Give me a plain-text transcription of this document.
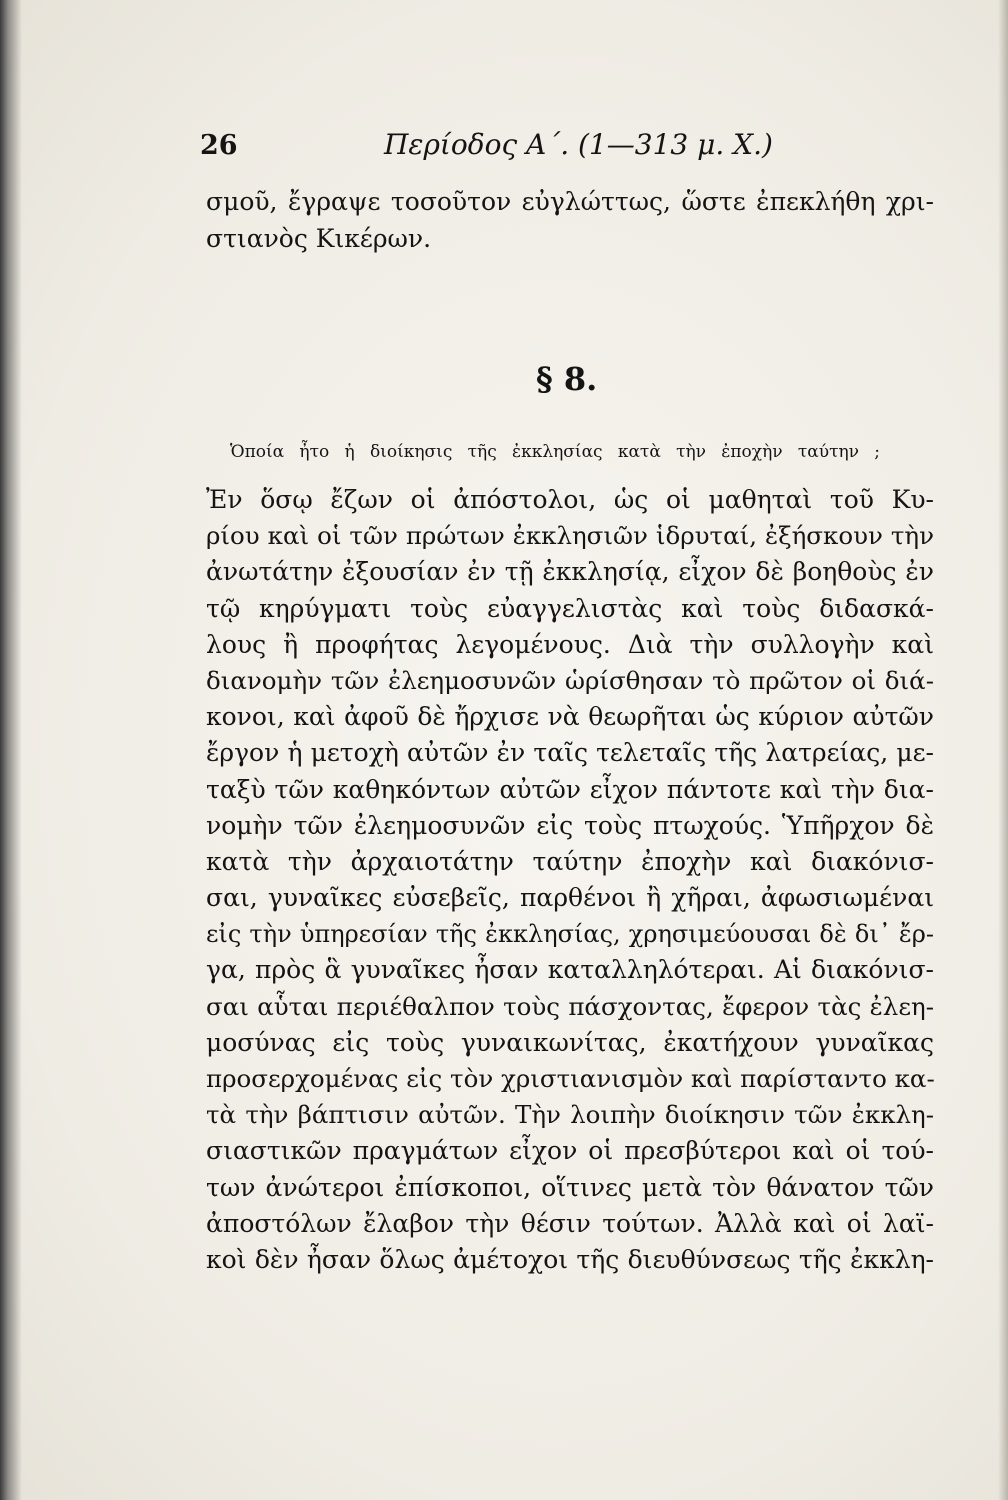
26	Περίοδος Α΄. (1—313 μ. Χ.)
σμοῦ, ἔγραψε τοσοῦτον εὐγλώττως, ὥστε ἐπεκλήθη χρι-
στιανὸς Κικέρων.
§ 8.
Ὁποία ἦτο ἡ διοίκησις τῆς ἐκκλησίας κατὰ τὴν ἐποχὴν ταύτην ;
Ἐν ὅσῳ ἔζων οἱ ἀπόστολοι, ὡς οἱ μαθηταὶ τοῦ Κυ-
ρίου καὶ οἱ τῶν πρώτων ἐκκλησιῶν ἱδρυταί, ἐξήσκουν τὴν
ἀνωτάτην ἐξουσίαν ἐν τῇ ἐκκλησίᾳ, εἶχον δὲ βοηθοὺς ἐν
τῷ κηρύγματι τοὺς εὐαγγελιστὰς καὶ τοὺς διδασκά-
λους ἢ προφήτας λεγομένους. Διὰ τὴν συλλογὴν καὶ
διανομὴν τῶν ἐλεημοσυνῶν ὡρίσθησαν τὸ πρῶτον οἱ διά-
κονοι, καὶ ἀφοῦ δὲ ἤρχισε νὰ θεωρῆται ὡς κύριον αὐτῶν
ἔργον ἡ μετοχὴ αὐτῶν ἐν ταῖς τελεταῖς τῆς λατρείας, με-
ταξὺ τῶν καθηκόντων αὐτῶν εἶχον πάντοτε καὶ τὴν δια-
νομὴν τῶν ἐλεημοσυνῶν εἰς τοὺς πτωχούς. Ὑπῆρχον δὲ
κατὰ τὴν ἀρχαιοτάτην ταύτην ἐποχὴν καὶ διακόνισ-
σαι, γυναῖκες εὐσεβεῖς, παρθένοι ἢ χῆραι, ἀφωσιωμέναι
εἰς τὴν ὑπηρεσίαν τῆς ἐκκλησίας, χρησιμεύουσαι δὲ δι᾽ ἔρ-
γα, πρὸς ἃ γυναῖκες ἦσαν καταλληλότεραι. Αἱ διακόνισ-
σαι αὗται περιέθαλπον τοὺς πάσχοντας, ἔφερον τὰς ἐλεη-
μοσύνας εἰς τοὺς γυναικωνίτας, ἐκατήχουν γυναῖκας
προσερχομένας εἰς τὸν χριστιανισμὸν καὶ παρίσταντο κα-
τὰ τὴν βάπτισιν αὐτῶν. Τὴν λοιπὴν διοίκησιν τῶν ἐκκλη-
σιαστικῶν πραγμάτων εἶχον οἱ πρεσβύτεροι καὶ οἱ τού-
των ἀνώτεροι ἐπίσκοποι, οἵτινες μετὰ τὸν θάνατον τῶν
ἀποστόλων ἔλαβον τὴν θέσιν τούτων. Ἀλλὰ καὶ οἱ λαϊ-
κοὶ δὲν ἦσαν ὅλως ἀμέτοχοι τῆς διευθύνσεως τῆς ἐκκλη-
